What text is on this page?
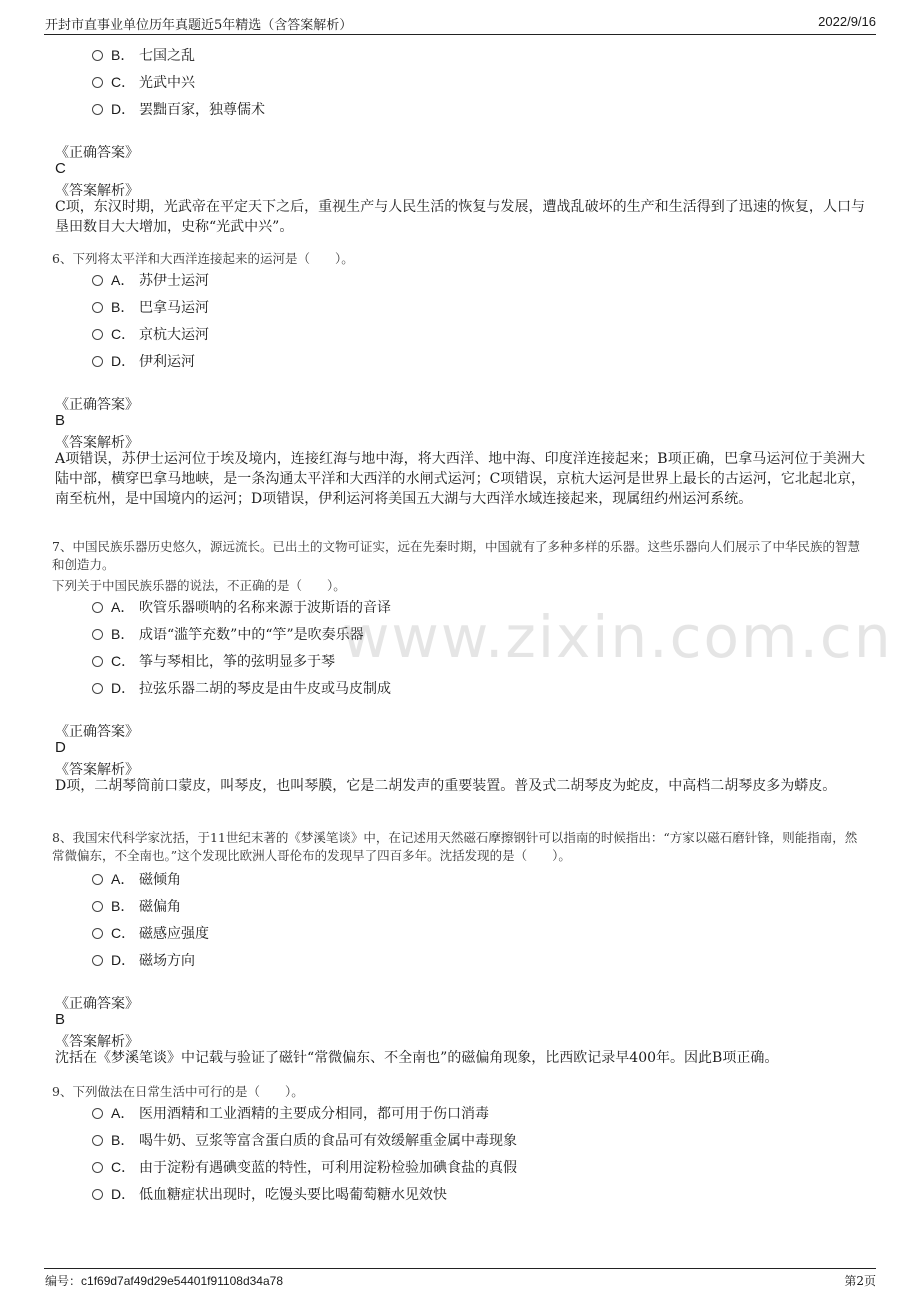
开封市直事业单位历年真题近5年精选（含答案解析）	2022/9/16
www.zixin.com.cn
B． 七国之乱
C． 光武中兴
D． 罢黜百家，独尊儒术
《正确答案》
C
《答案解析》
C项，东汉时期，光武帝在平定天下之后，重视生产与人民生活的恢复与发展，遭战乱破坏的生产和生活得到了迅速的恢复，人口与垦田数目大大增加，史称“光武中兴”。
6、下列将太平洋和大西洋连接起来的运河是（　　）。
A． 苏伊士运河
B． 巴拿马运河
C． 京杭大运河
D． 伊利运河
《正确答案》
B
《答案解析》
A项错误，苏伊士运河位于埃及境内，连接红海与地中海，将大西洋、地中海、印度洋连接起来；B项正确，巴拿马运河位于美洲大陆中部，横穿巴拿马地峡，是一条沟通太平洋和大西洋的水闸式运河；C项错误，京杭大运河是世界上最长的古运河，它北起北京，南至杭州，是中国境内的运河；D项错误，伊利运河将美国五大湖与大西洋水域连接起来，现属纽约州运河系统。
7、中国民族乐器历史悠久，源远流长。已出土的文物可证实，远在先秦时期，中国就有了多种多样的乐器。这些乐器向人们展示了中华民族的智慧和创造力。
下列关于中国民族乐器的说法，不正确的是（　　）。
A． 吹管乐器唢呐的名称来源于波斯语的音译
B． 成语“滥竽充数”中的“竽”是吹奏乐器
C． 筝与琴相比，筝的弦明显多于琴
D． 拉弦乐器二胡的琴皮是由牛皮或马皮制成
《正确答案》
D
《答案解析》
D项，二胡琴筒前口蒙皮，叫琴皮，也叫琴膜，它是二胡发声的重要装置。普及式二胡琴皮为蛇皮，中高档二胡琴皮多为蟒皮。
8、我国宋代科学家沈括，于11世纪末著的《梦溪笔谈》中，在记述用天然磁石摩擦钢针可以指南的时候指出：“方家以磁石磨针锋，则能指南，然常微偏东，不全南也。”这个发现比欧洲人哥伦布的发现早了四百多年。沈括发现的是（　　）。
A． 磁倾角
B． 磁偏角
C． 磁感应强度
D． 磁场方向
《正确答案》
B
《答案解析》
沈括在《梦溪笔谈》中记载与验证了磁针“常微偏东、不全南也”的磁偏角现象，比西欧记录早400年。因此B项正确。
9、下列做法在日常生活中可行的是（　　）。
A． 医用酒精和工业酒精的主要成分相同，都可用于伤口消毒
B． 喝牛奶、豆浆等富含蛋白质的食品可有效缓解重金属中毒现象
C． 由于淀粉有遇碘变蓝的特性，可利用淀粉检验加碘食盐的真假
D． 低血糖症状出现时，吃馒头要比喝葡萄糖水见效快
编号：c1f69d7af49d29e54401f91108d34a78	第2页
